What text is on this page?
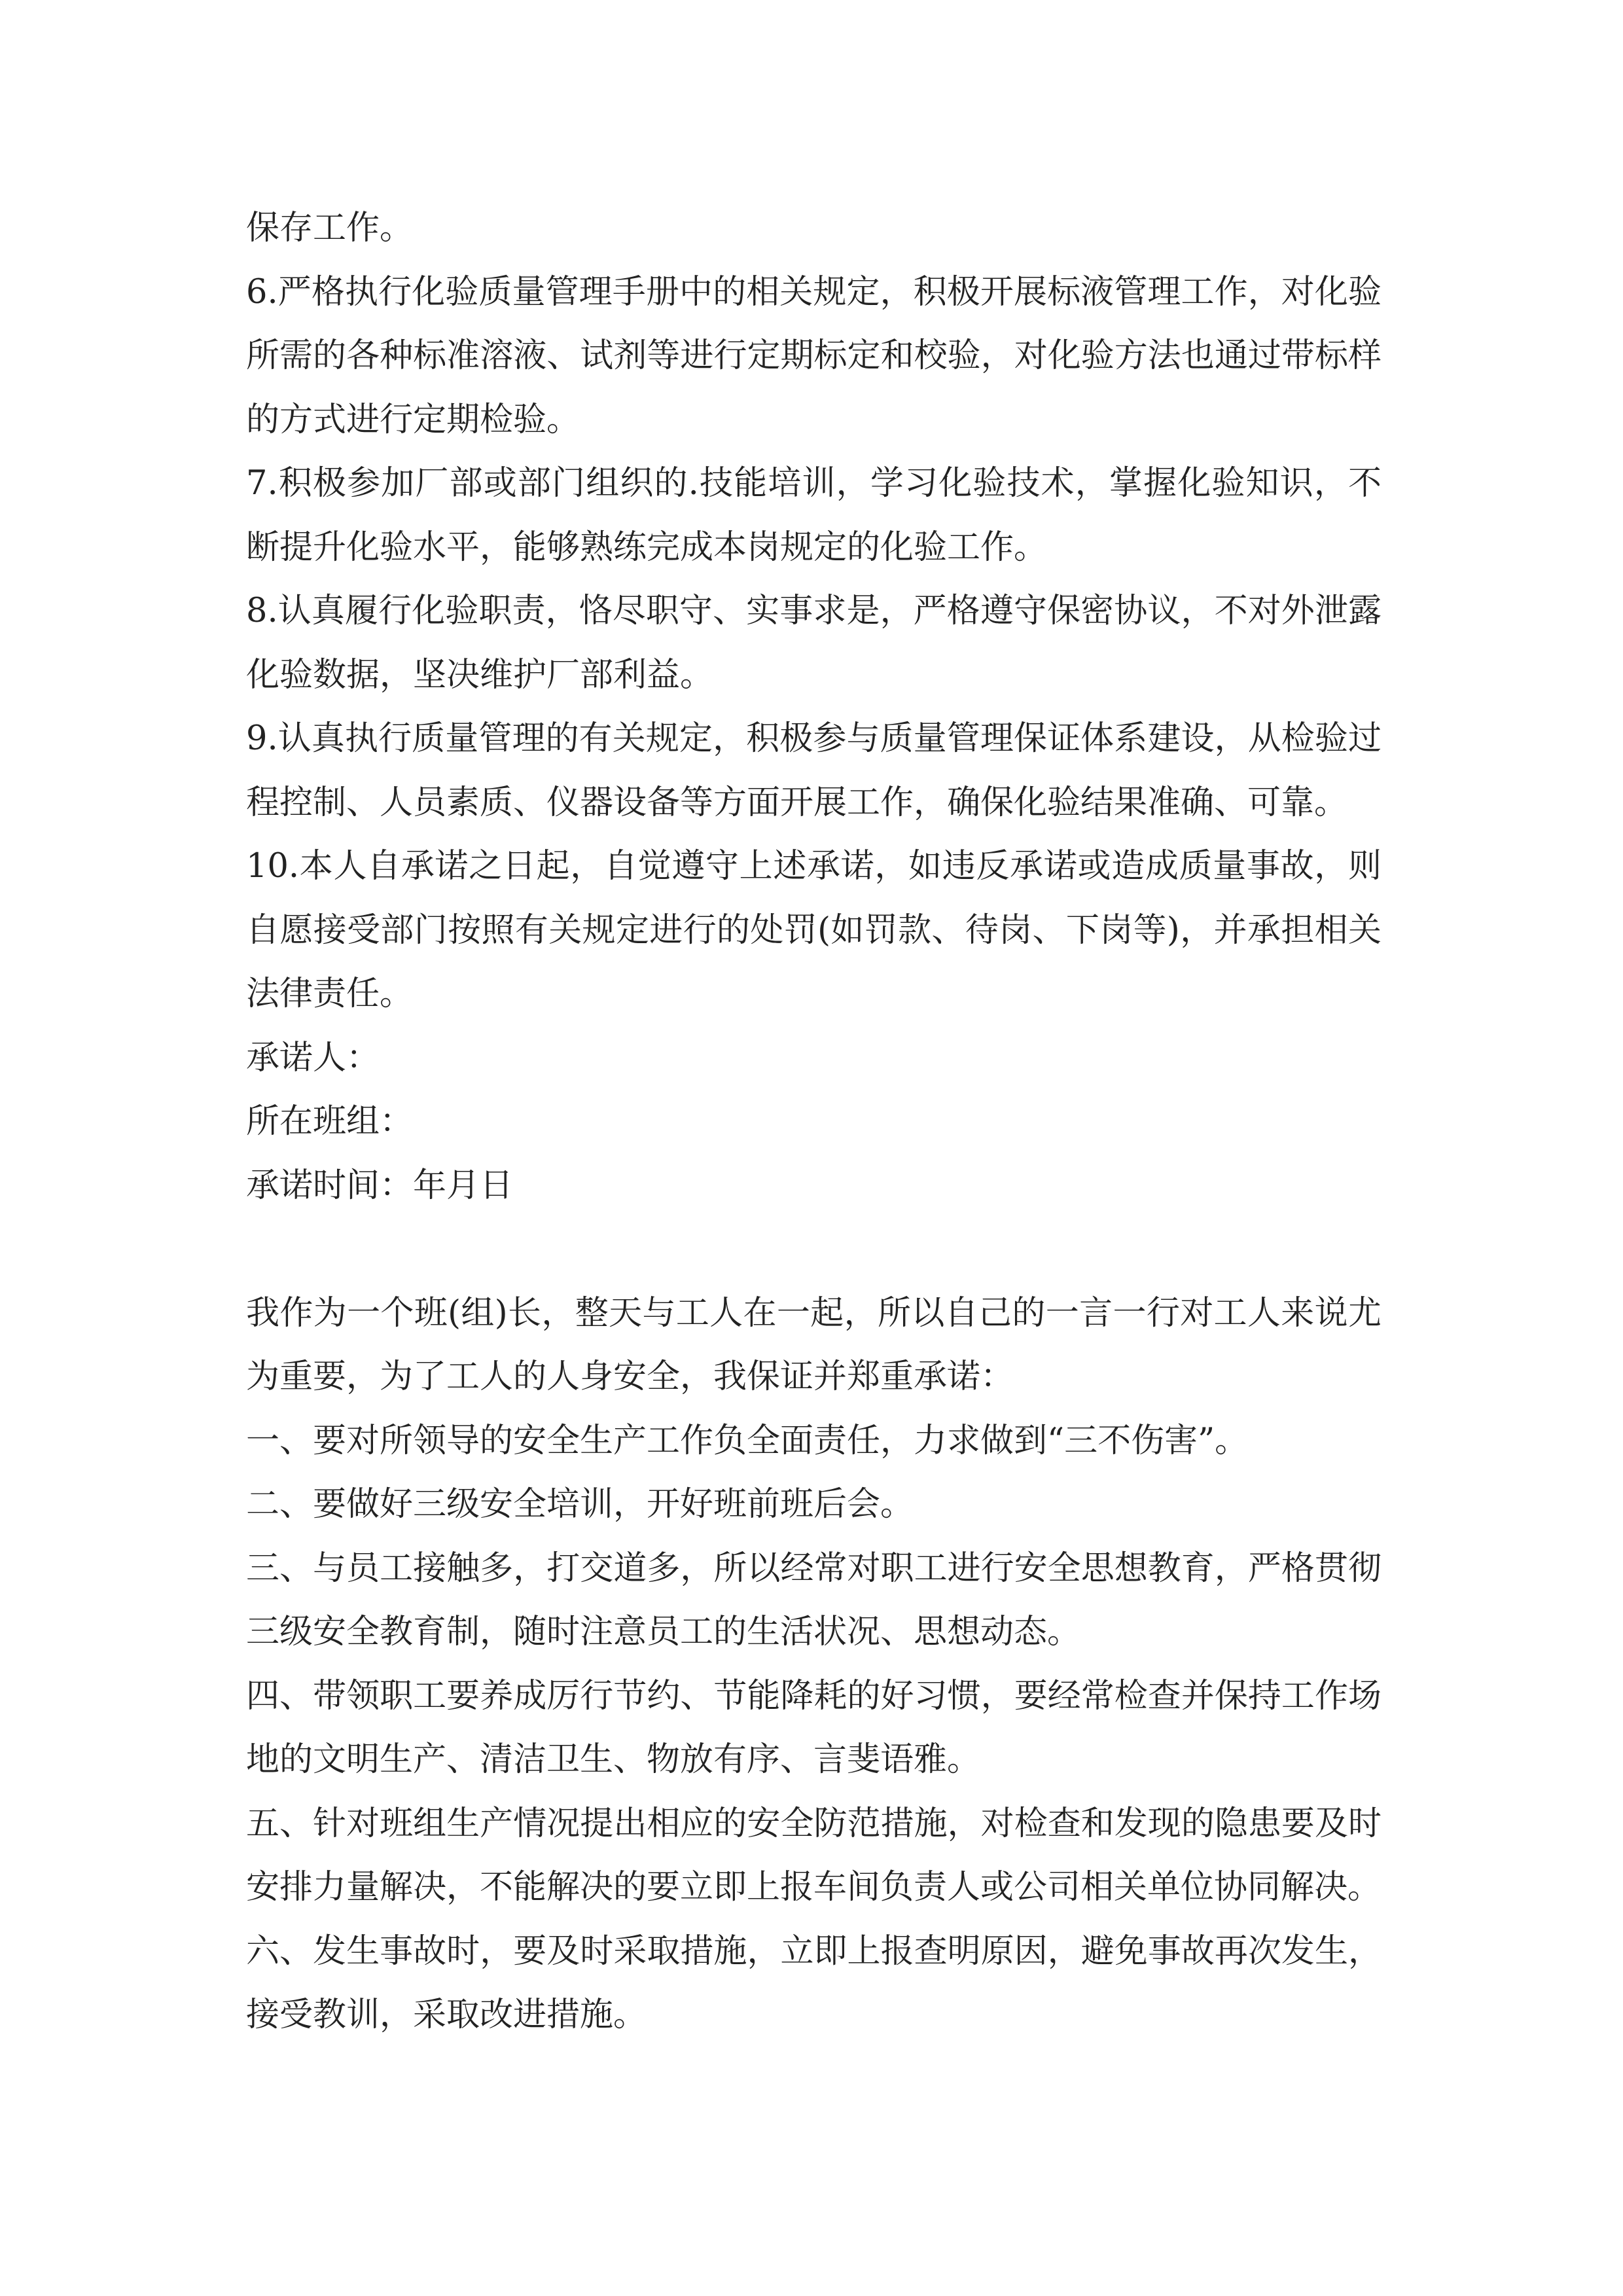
保存工作。

6.严格执行化验质量管理手册中的相关规定，积极开展标液管理工作，对化验所需的各种标准溶液、试剂等进行定期标定和校验，对化验方法也通过带标样的方式进行定期检验。

7.积极参加厂部或部门组织的.技能培训，学习化验技术，掌握化验知识，不断提升化验水平，能够熟练完成本岗规定的化验工作。

8.认真履行化验职责，恪尽职守、实事求是，严格遵守保密协议，不对外泄露化验数据，坚决维护厂部利益。

9.认真执行质量管理的有关规定，积极参与质量管理保证体系建设，从检验过程控制、人员素质、仪器设备等方面开展工作，确保化验结果准确、可靠。

10.本人自承诺之日起，自觉遵守上述承诺，如违反承诺或造成质量事故，则自愿接受部门按照有关规定进行的处罚(如罚款、待岗、下岗等)，并承担相关法律责任。

承诺人：

所在班组：

承诺时间：年月日

我作为一个班(组)长，整天与工人在一起，所以自己的一言一行对工人来说尤为重要，为了工人的人身安全，我保证并郑重承诺：

一、要对所领导的安全生产工作负全面责任，力求做到“三不伤害”。

二、要做好三级安全培训，开好班前班后会。

三、与员工接触多，打交道多，所以经常对职工进行安全思想教育，严格贯彻三级安全教育制，随时注意员工的生活状况、思想动态。

四、带领职工要养成厉行节约、节能降耗的好习惯，要经常检查并保持工作场地的文明生产、清洁卫生、物放有序、言斐语雅。

五、针对班组生产情况提出相应的安全防范措施，对检查和发现的隐患要及时安排力量解决，不能解决的要立即上报车间负责人或公司相关单位协同解决。

六、发生事故时，要及时采取措施，立即上报查明原因，避免事故再次发生，接受教训，采取改进措施。
